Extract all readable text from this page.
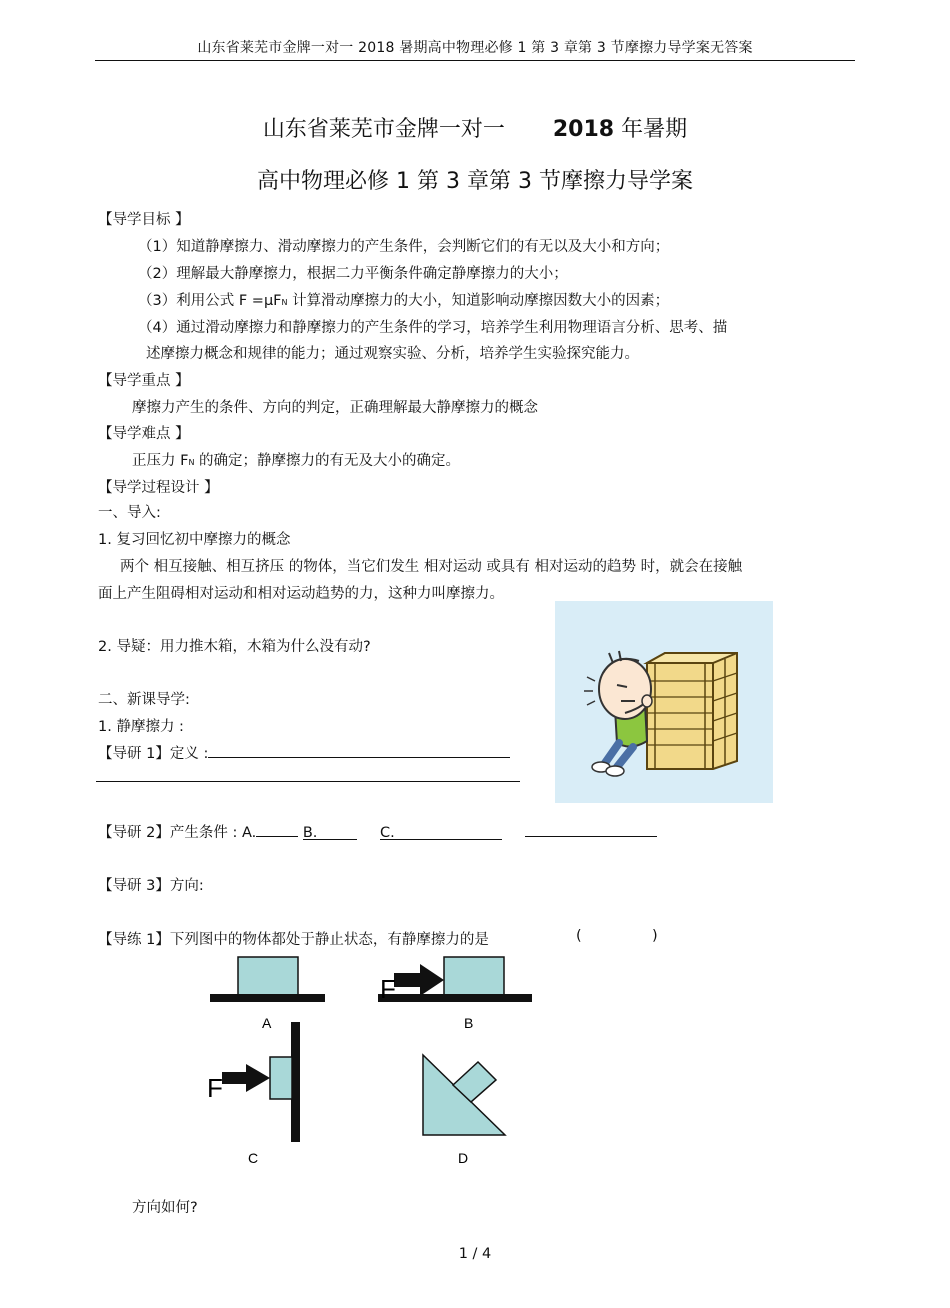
山东省莱芜市金牌一对一 2018 暑期高中物理必修 1 第 3 章第 3 节摩擦力导学案无答案
山东省莱芜市金牌一对一 2018 年暑期
高中物理必修 1 第 3 章第 3 节摩擦力导学案
【导学目标 】
（1）知道静摩擦力、滑动摩擦力的产生条件，会判断它们的有无以及大小和方向；
（2）理解最大静摩擦力，根据二力平衡条件确定静摩擦力的大小；
（3）利用公式 F =μFN 计算滑动摩擦力的大小，知道影响动摩擦因数大小的因素；
（4）通过滑动摩擦力和静摩擦力的产生条件的学习，培养学生利用物理语言分析、思考、描
述摩擦力概念和规律的能力；通过观察实验、分析，培养学生实验探究能力。
【导学重点 】
摩擦力产生的条件、方向的判定，正确理解最大静摩擦力的概念
【导学难点 】
正压力 FN 的确定；静摩擦力的有无及大小的确定。
【导学过程设计 】
一、导入:
1. 复习回忆初中摩擦力的概念
两个 相互接触、相互挤压 的物体，当它们发生 相对运动 或具有 相对运动的趋势 时，就会在接触
面上产生阻碍相对运动和相对运动趋势的力，这种力叫摩擦力。
2. 导疑：用力推木箱，木箱为什么没有动?
二、新课导学:
1. 静摩擦力 :
【导研 1】定义 :
【导研 2】产生条件 : A.	B.	C.
【导研 3】方向:
【导练 1】下列图中的物体都处于静止状态，有静摩擦力的是	(	)
A
F
B
F
C	D
方向如何?
1 / 4
